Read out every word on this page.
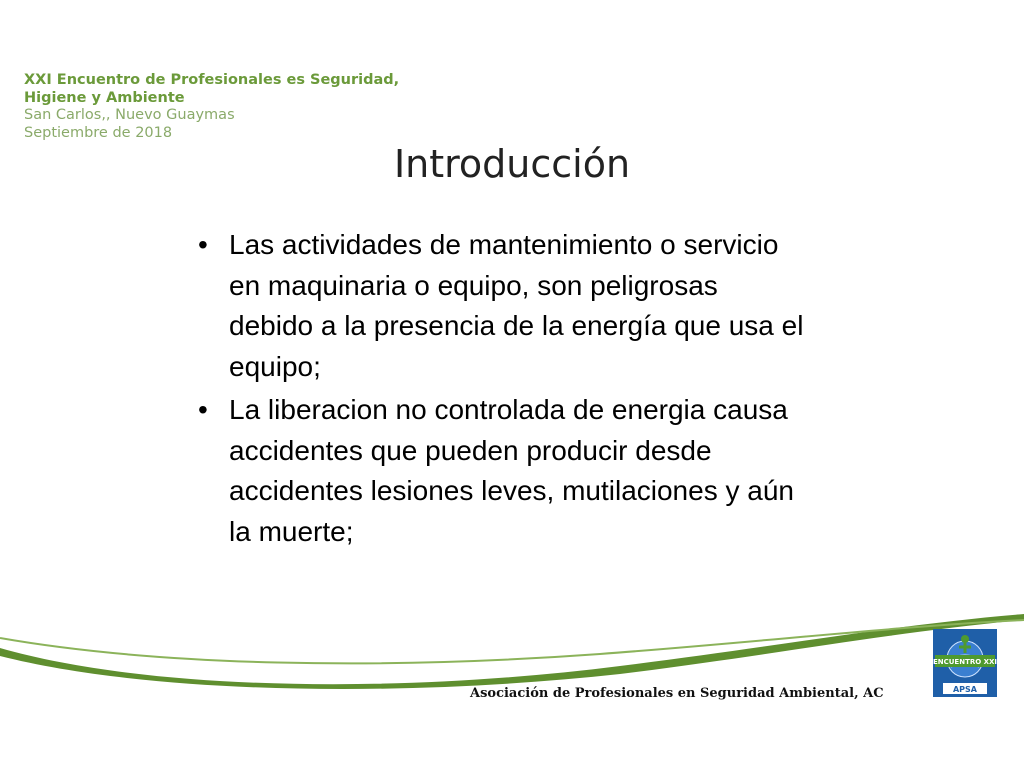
XXI Encuentro de Profesionales es Seguridad, Higiene y Ambiente
San Carlos,, Nuevo Guaymas
Septiembre de 2018
Introducción
• Las actividades de mantenimiento o servicio en maquinaria o equipo, son peligrosas debido a la presencia de la energía que usa el equipo;
• La liberacion no controlada de energia causa accidentes que pueden producir desde accidentes lesiones leves, mutilaciones y aún la muerte;
ENCUENTRO XXI
APSA
Asociación de Profesionales en Seguridad Ambiental, AC
